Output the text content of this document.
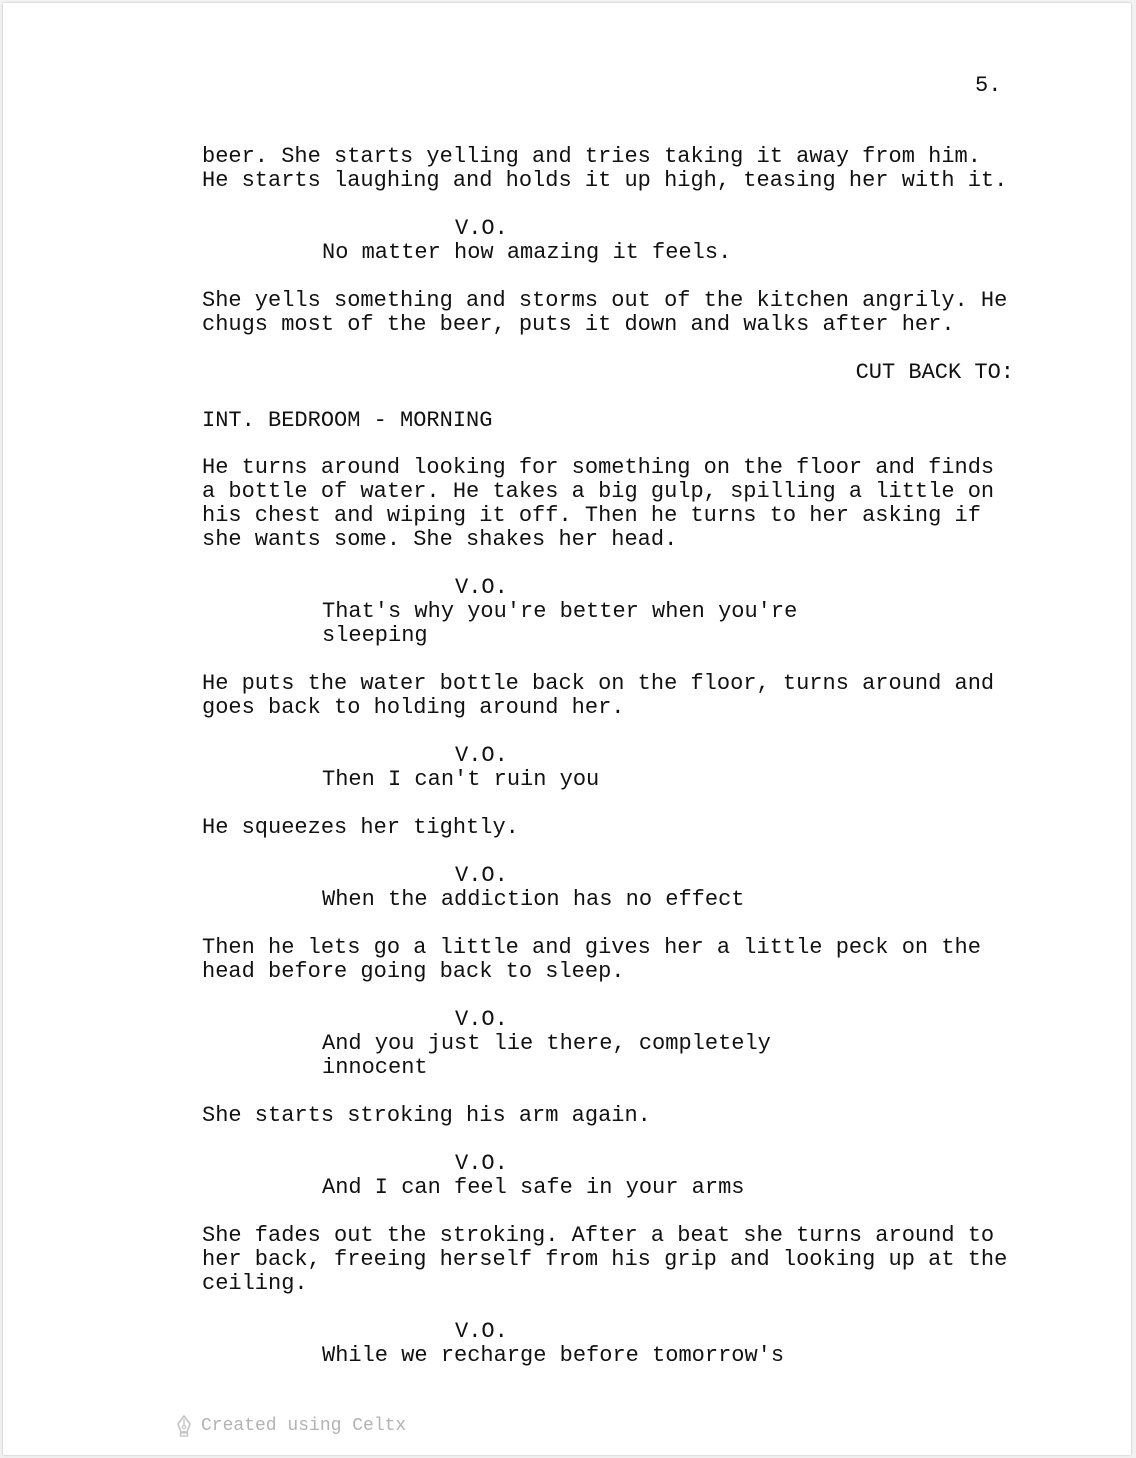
5.

beer. She starts yelling and tries taking it away from him.
He starts laughing and holds it up high, teasing her with it.

V.O.

No matter how amazing it feels.

She yells something and storms out of the kitchen angrily. He
chugs most of the beer, puts it down and walks after her.

CUT BACK TO:

INT. BEDROOM - MORNING

He turns around looking for something on the floor and finds
a bottle of water. He takes a big gulp, spilling a little on
his chest and wiping it off. Then he turns to her asking if
she wants some. She shakes her head.

V.O.

That's why you're better when you're
sleeping

He puts the water bottle back on the floor, turns around and
goes back to holding around her.

V.O.

Then I can't ruin you

He squeezes her tightly.

V.O.

When the addiction has no effect

Then he lets go a little and gives her a little peck on the
head before going back to sleep.

V.O.

And you just lie there, completely
innocent

She starts stroking his arm again.

V.O.

And I can feel safe in your arms

She fades out the stroking. After a beat she turns around to
her back, freeing herself from his grip and looking up at the
ceiling.

V.O.

While we recharge before tomorrow's

Created using Celtx
